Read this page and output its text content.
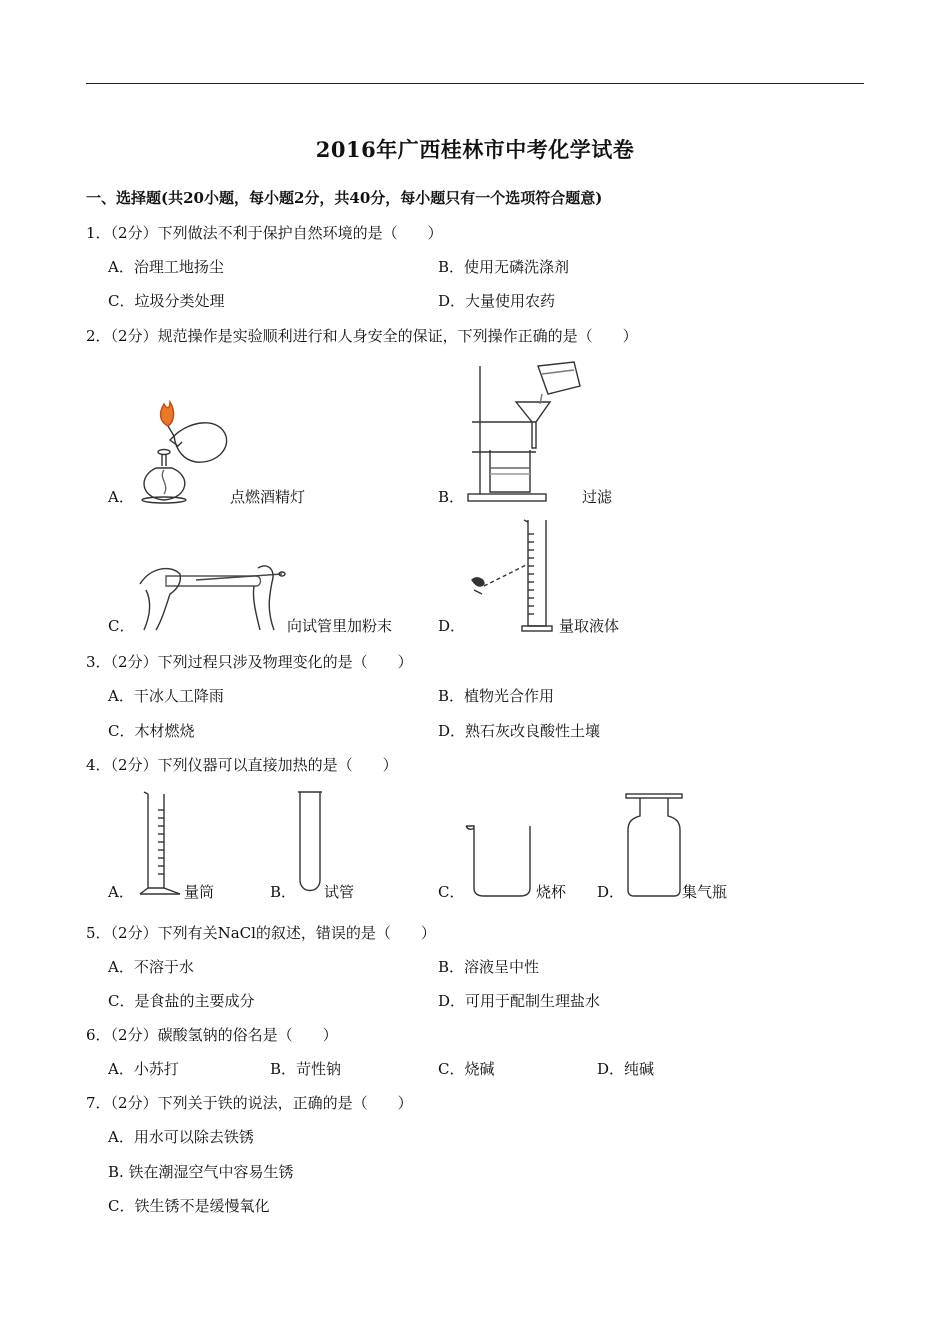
2016年广西桂林市中考化学试卷
一、选择题(共20小题，每小题2分，共40分，每小题只有一个选项符合题意)
1．（2分）下列做法不利于保护自然环境的是（　　）
A．治理工地扬尘	B．使用无磷洗涤剂
C．垃圾分类处理	D．大量使用农药
2．（2分）规范操作是实验顺利进行和人身安全的保证，下列操作正确的是（　　）
A．	点燃酒精灯	B．	过滤
C．	向试管里加粉末	D．	量取液体
3．（2分）下列过程只涉及物理变化的是（　　）
A．干冰人工降雨	B．植物光合作用
C．木材燃烧	D．熟石灰改良酸性土壤
4．（2分）下列仪器可以直接加热的是（　　）
A．	量筒	B． 试管	C．	烧杯 D．	集气瓶
5．（2分）下列有关NaCl的叙述，错误的是（　　）
A．不溶于水	B．溶液呈中性
C．是食盐的主要成分	D．可用于配制生理盐水
6．（2分）碳酸氢钠的俗名是（　　）
A．小苏打	B．苛性钠	C．烧碱	D．纯碱
7．（2分）下列关于铁的说法，正确的是（　　）
A．用水可以除去铁锈
B. 铁在潮湿空气中容易生锈
C．铁生锈不是缓慢氧化
